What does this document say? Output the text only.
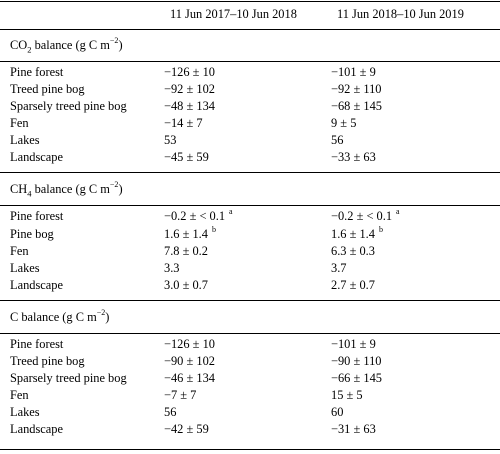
11 Jun 2017–10 Jun 2018	11 Jun 2018–10 Jun 2019
$CO_2$ balance (g C $m^{-2}$)
Pine forest	−126 ± 10	−101 ± 9
Treed pine bog	−92 ± 102	−92 ± 110
Sparsely treed pine bog	−48 ± 134	−68 ± 145
Fen	−14 ± 7	9 ± 5
Lakes	53	56
Landscape	−45 ± 59	−33 ± 63
$CH_4$ balance (g C $m^{-2}$)
Pine forest	−0.2 ± < 0.1 $^a$	−0.2 ± < 0.1 $^a$
Pine bog	1.6 ± 1.4 $^b$	1.6 ± 1.4 $^b$
Fen	7.8 ± 0.2	6.3 ± 0.3
Lakes	3.3	3.7
Landscape	3.0 ± 0.7	2.7 ± 0.7
C balance (g C $m^{-2}$)
Pine forest	−126 ± 10	−101 ± 9
Treed pine bog	−90 ± 102	−90 ± 110
Sparsely treed pine bog	−46 ± 134	−66 ± 145
Fen	−7 ± 7	15 ± 5
Lakes	56	60
Landscape	−42 ± 59	−31 ± 63
